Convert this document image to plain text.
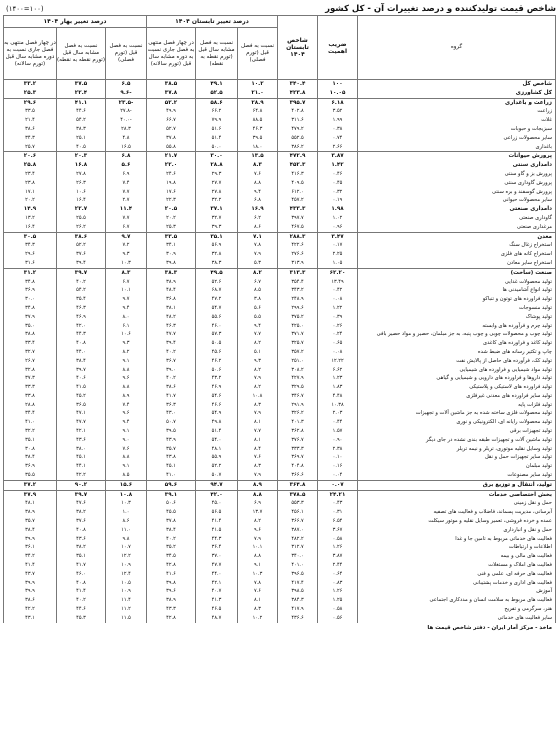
شاخص قیمت تولیدکننده و درصد تغییرات آن - کل کشور
(۱۴۰۰=۱۰۰)
گروه	ضریب اهمیت	شاخص تابستان ۱۴۰۴	درصد تغییر تابستان ۱۴۰۴			درصد تغییر بهار ۱۴۰۴		
			نسبت به فصل قبل (تورم فصلی)	نسبت به فصل مشابه سال قبل (تورم نقطه به نقطه)	در چهار فصل منتهی به فصل جاری نسبت به دوره مشابه سال قبل (تورم سالانه)	نسبت به فصل قبل (تورم فصلی)	نسبت به فصل مشابه سال قبل (تورم نقطه به نقطه)	در چهار فصل منتهی به فصل جاری نسبت به دوره مشابه سال قبل (تورم سالانه)
شاخص کل	۱۰۰	۳۴۰.۴	۱۰.۲	۴۹.۱	۳۸.۵	۶.۵	۳۷.۵	۳۳.۲
کل کشاورزی	۱۰.۰۵	۴۲۳.۸	۲۱.۰	۵۲.۵	۳۷.۸	-۹.۶	۲۲.۴	۲۵.۳
زراعت و باغداری	۶.۱۸	۳۹۵.۷	۲۸.۹	۵۸.۶	۵۲.۲	-۲۳.۵	۴۱.۱	۲۹.۶
زراعت	۳.۵۲	۴۰۲.۸	۶۴.۸	۶۶.۲	۴۹.۹	-۲۷.۸	۴۴.۶	۳۳.۵
غلات	۱.۹۹	۳۱۱.۶	۸۸.۵	۷۹.۹	۶۶.۷	-۴۰.۰	۵۴.۲	۲۱.۴
سبزیجات و حبوبات	۰.۳۸	۴۷۹.۲	۴۶.۳	۵۱.۶	۵۲.۷	۲۸.۳	۳۸.۳	۳۸.۶
سایر محصولات زراعی	۰.۷۴	۵۵۲.۵	۳۹.۵	۵۱.۴	۳۷.۸	۴.۸	۲۵.۱	۳۴.۳
باغداری	۲.۶۶	۳۸۶.۲	۱۸.۰	۵۰.۰	۵۵.۸	۱۶.۵	۴۰.۵	۲۵.۷
پرورش حیوانات	۳.۸۷	۴۷۲.۹	۱۳.۵	۳۰.۰	۲۱.۷	۶.۸	۲۰.۳	۲۰.۶
دامداری سنتی	۱.۴۲	۴۵۲.۳	۸.۳	۲۸.۸	۲۲.۰	۵.۶	۱۶.۸	۲۵.۸
پرورش بز و گاو سنتی	۰.۴۶	۴۱۶.۳	۷.۶	۲۹.۳	۲۴.۶	۶.۹	۲۷.۸	۲۳.۴
پرورش گاوداری سنتی	۰.۴۵	۴۰۹.۵	۸.۸	۲۷.۷	۱۹.۸	۷.۴	۲۶.۳	۲۳.۸
پرورش گوسفند و بره سنتی	۰.۳۲	۶۱۲.۰	۹.۴	۲۷.۸	۱۷.۶	۷.۷	۱۰.۶	۱۷.۱
سایر محصولات حیوانی	۰.۱۹	۴۵۷.۲	۶.۸	۳۲.۲	۲۲.۳	۲.۷	۱۶.۴	۲۰.۲
دامداری صنعتی	۱.۹۸	۴۳۳.۳	۱۶.۹	۳۷.۱	۲۰.۵	۱۱.۴	۲۲.۷	۱۴.۹
گاوداری صنعتی	۱.۰۲	۳۹۷.۷	۶.۲	۳۲.۷	۲۰.۲	۷.۷	۲۵.۵	۱۳.۲
مرغداری صنعتی	۰.۹۶	۴۶۷.۵	۸.۶	۳۹.۳	۲۵.۳	۶.۷	۲۶.۲	۱۶.۴
معدن	۳.۴۷	۲۸۸.۳	۷.۱	۳۵.۱	۳۳.۵	۹.۷	۳۸.۶	۳۰.۵
استخراج زغال سنگ	۰.۱۷	۴۲۲.۶	۷.۸	۵۶.۹	۳۴.۱	۷.۲	۵۲.۲	۳۴.۳
استخراج کانه های فلزی	۲.۲۵	۲۷۶.۶	۷.۹	۳۲.۸	۳۰.۹	۹.۳	۳۷.۶	۲۹.۶
استخراج سایر معادن	۱.۰۵	۳۱۳.۹	۵.۳	۳۸.۳	۳۹.۸	۱۰.۳	۳۹.۴	۳۱.۶
صنعت (ساخت)	۶۲.۲۰	۳۱۳.۳	۸.۲	۴۹.۵	۳۸.۳	۸.۳	۳۹.۷	۳۱.۲
تولید محصولات غذایی	۱۳.۴۹	۳۵۴.۴	۶.۷	۵۲.۶	۳۸.۹	۶.۷	۴۰.۲	۳۴.۸
تولید انواع آشامیدنی ها	۰.۴۲	۳۴۳.۲	۸.۵	۶۸.۷	۴۸.۴	۱۰.۱	۵۴.۲	۳۶.۹
تولید فراورده های توتون و تنباکو	۰.۰۸	۲۴۸.۹	۳.۸	۴۷.۲	۳۶.۸	۹.۷	۳۵.۴	۳۰.۰
تولید منسوجات	۱.۲۲	۲۹۹.۶	۵.۶	۵۴.۷	۳۸.۱	۹.۴	۴۶.۳	۳۴.۸
تولید پوشاک	۰.۳۹	۳۷۵.۲	۵.۵	۵۵.۶	۴۸.۲	۸.۰	۴۶.۹	۳۷.۹
تولید چرم و فرآورده های وابسته	۰.۲۶	۴۲۵.۰	۹.۴	۴۶.۰	۴۶.۳	۶.۱	۴۲.۰	۳۵.۰
تولید چوب و محصولات چوبی و چوب پنبه، به جز مبلمان، حصیر و مواد حصیر بافی	۰.۲۴	۳۷۱.۷	۷.۷	۵۷.۳	۴۷.۷	۱۰.۶	۴۴.۳	۳۸.۸
تولید کاغذ و فراورده های کاغذی	۰.۶۵	۳۲۵.۷	۸.۲	۵۰.۵	۳۹.۴	۹.۳	۴۰.۸	۳۳.۴
چاپ و تکثیر رسانه های ضبط شده	۰.۰۸	۳۵۷.۲	۵.۱	۴۵.۶	۴۰.۲	۸.۲	۴۴.۰	۳۲.۷
تولید کک، فرآورده های حاصل از پالایش نفت	۱۲.۲۲	۲۵۱.۰	۹.۳	۴۶.۲	۳۶.۷	۹.۱	۳۸.۴	۲۶.۷
تولید مواد شیمیایی و فراورده های شیمیایی	۶.۶۲	۳۰۸.۲	۸.۲	۵۰.۶	۳۹.۰	۸.۸	۳۹.۷	۳۲.۸
تولید داروها و فراورده های دارویی و شیمیایی و گیاهی	۱.۲۳	۴۲۷.۹	۷.۹	۴۳.۲	۴۰.۲	۹.۶	۴۰.۶	۳۷.۳
تولید فراورده های لاستیکی و پلاستیکی	۱.۸۳	۳۲۹.۵	۸.۲	۴۶.۹	۳۸.۶	۸.۸	۴۱.۵	۳۳.۳
تولید سایر فراورده های معدنی غیرفلزی	۴.۴۸	۳۴۶.۷	۱۰.۸	۵۴.۶	۴۱.۷	۸.۹	۴۵.۲	۳۳.۸
تولید فلزات پایه	۱۰.۳۸	۲۹۱.۹	۸.۳	۴۶.۶	۳۶.۳	۷.۴	۳۶.۵	۲۸.۸
تولید محصولات فلزی ساخته شده به جز ماشین آلات و تجهیزات	۲.۰۳	۳۲۶.۲	۷.۹	۵۴.۹	۴۳.۰	۹.۶	۴۷.۱	۳۴.۴
تولید محصولات رایانه ای، الکترونیکی و نوری	۰.۴۴	۴۰۱.۳	۸.۱	۴۹.۸	۵۰.۷	۹.۴	۴۷.۷	۴۱.۰
تولید تجهیزات برقی	۱.۵۷	۳۶۲.۸	۷.۷	۵۱.۴	۳۹.۵	۹.۱	۴۲.۱	۳۲.۲
تولید ماشین آلات و تجهیزات طبقه بندی نشده در جای دیگر	۰.۹۰	۳۷۶.۷	۸.۱	۵۴.۰	۴۳.۹	۹.۰	۴۳.۶	۳۵.۱
تولید وسایل نقلیه موتوری، تریلر و نیمه تریلر	۲.۳۸	۳۳۳.۳	۸.۴	۴۸.۱	۳۵.۷	۷.۶	۳۸.۰	۳۰.۸
تولید سایر تجهیزات حمل و نقل	۰.۱۰	۳۶۹.۷	۷.۶	۵۵.۹	۴۳.۸	۸.۸	۴۵.۱	۳۸.۴
تولید مبلمان	۰.۱۶	۴۰۴.۸	۸.۳	۵۲.۲	۴۵.۱	۹.۱	۴۴.۱	۳۶.۹
تولید سایر مصنوعات	۰.۰۴	۳۶۶.۶	۷.۹	۵۰.۷	۴۱.۰	۸.۵	۴۲.۲	۳۵.۵
تولید، انتقال و توزیع برق	۰.۰۷	۳۶۴.۸	۸.۹	۹۴.۷	۵۹.۶	۱۵.۶	۹۰.۲	۳۷.۲
بخش اختصاصی خدمات	۲۴.۲۱	۳۷۸.۵	۸.۸	۴۲.۰	۳۹.۱	۱۰.۸	۳۹.۷	۳۷.۹
حمل و نقل زمینی	۰.۴۳	۵۵۳.۳	۶.۹	۴۵.۰	۵۰.۶	۱۰.۳	۴۷.۶	۴۸.۱
آبرسانی، مدیریت پسماند، فاضلاب و فعالیت های تصفیه	۰.۳۱	۴۵۶.۱	۱۳.۷	۵۶.۵	۴۵.۵	۱.۰	۳۸.۲	۳۸.۹
عمده و خرده فروشی، تعمیر وسایل نقلیه و موتور سیکلت	۶.۵۴	۳۶۶.۷	۸.۲	۴۱.۴	۳۷.۸	۸.۶	۳۷.۶	۳۵.۷
حمل و نقل و انبارداری	۳.۶۷	۳۸۷.۰	۹.۶	۴۱.۵	۳۸.۴	۱۱.۰	۴۰.۸	۳۸.۴
فعالیت های خدماتی مربوط به تامین جا و غذا	۰.۵۸	۴۸۲.۲	۷.۹	۴۴.۳	۴۰.۲	۹.۸	۴۳.۶	۳۹.۹
اطلاعات و ارتباطات	۱.۲۶	۳۱۲.۷	۱۰.۱	۳۶.۴	۳۵.۲	۱۰.۷	۳۸.۲	۳۶.۱
فعالیت های مالی و بیمه	۳.۸۷	۳۴۰.۰	۸.۸	۳۷.۰	۳۴.۵	۱۲.۲	۳۵.۱	۳۴.۲
فعالیت های املاک و مستغلات	۲.۴۴	۴۰۱.۰	۹.۱	۴۷.۷	۴۲.۸	۱۰.۹	۴۱.۷	۴۱.۴
فعالیت های حرفه ای، علمی و فنی	۰.۶۴	۳۹۶.۵	۱۰.۳	۴۴.۰	۴۱.۶	۱۲.۴	۴۶.۰	۴۳.۷
فعالیت های اداری و خدمات پشتیبانی	۰.۸۳	۴۱۷.۴	۷.۸	۴۲.۱	۳۹.۸	۱۰.۵	۴۰.۸	۳۹.۹
آموزش	۱.۲۶	۳۹۸.۵	۷.۶	۴۰.۷	۳۹.۶	۱۰.۹	۴۱.۴	۳۹.۹
فعالیت های مربوط به سلامت انسان و مددکاری اجتماعی	۱.۲۵	۳۸۴.۳	۸.۱	۴۱.۳	۳۸.۹	۱۱.۴	۴۰.۲	۳۸.۶
هنر، سرگرمی و تفریح	۰.۵۸	۴۱۷.۹	۸.۳	۴۶.۵	۴۳.۳	۱۱.۲	۴۴.۶	۴۲.۲
سایر فعالیت های خدماتی	۰.۵۶	۴۳۶.۶	۱۰.۲	۴۸.۷	۴۲.۸	۱۱.۵	۴۵.۳	۴۳.۱
ماخذ - مرکز آمار ایران - دفتر شاخص قیمت ها
